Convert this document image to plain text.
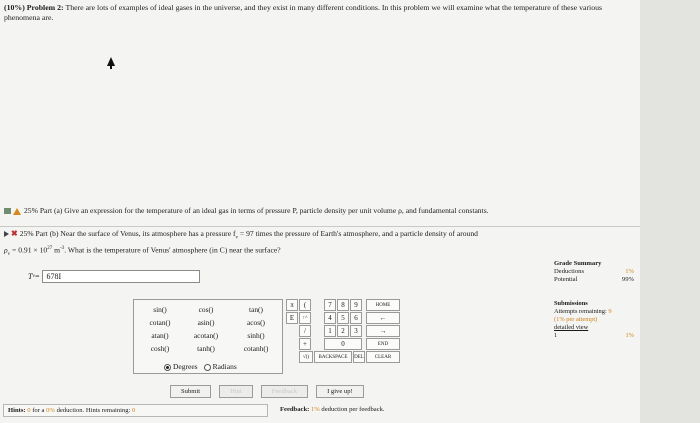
(10%) Problem 2: There are lots of examples of ideal gases in the universe, and they exist in many different conditions. In this problem we will examine what the temperature of these various phenomena are.
25% Part (a) Give an expression for the temperature of an ideal gas in terms of pressure P, particle density per unit volume ρ, and fundamental constants.
✖ 25% Part (b) Near the surface of Venus, its atmosphere has a pressure $f_v = 97$ times the pressure of Earth's atmosphere, and a particle density of around
$\rho_v = 0.91 \times 10^{27}$ $m^{-3}$. What is the temperature of Venus' atmosphere (in C) near the surface?
T v = 678I
Grade Summary
Deductions	1%
Potential	99%
Submissions
Attempts remaining: 9
(1% per attempt)
detailed view
1	1%
sin()	cos()	tan()
cotan()	asin()	acos()
atan()	acotan()	sinh()
cosh()	tanh()	cotanh()
Degrees	Radians
π	(
E	↑^
/
+
√()
7	8	9	HOME
4	5	6	←
1	2	3	→
0	END
BACKSPACE	DEL	CLEAR
Submit	Hint	Feedback	I give up!
Hints: 0 for a 0% deduction. Hints remaining: 0	Feedback: 1% deduction per feedback.
